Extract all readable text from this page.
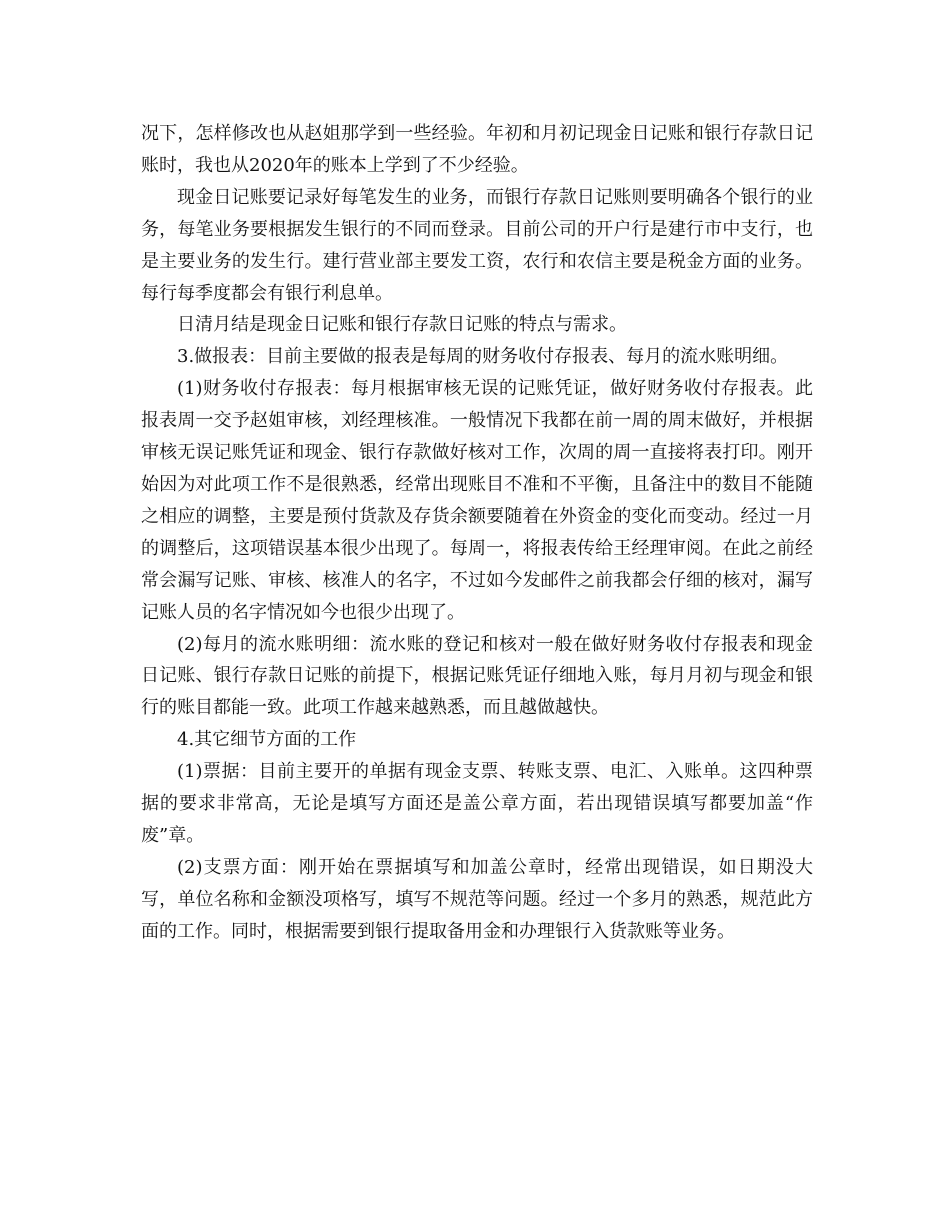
况下，怎样修改也从赵姐那学到一些经验。年初和月初记现金日记账和银行存款日记账时，我也从2020年的账本上学到了不少经验。

现金日记账要记录好每笔发生的业务，而银行存款日记账则要明确各个银行的业务，每笔业务要根据发生银行的不同而登录。目前公司的开户行是建行市中支行，也是主要业务的发生行。建行营业部主要发工资，农行和农信主要是税金方面的业务。每行每季度都会有银行利息单。

日清月结是现金日记账和银行存款日记账的特点与需求。

3.做报表：目前主要做的报表是每周的财务收付存报表、每月的流水账明细。

(1)财务收付存报表：每月根据审核无误的记账凭证，做好财务收付存报表。此报表周一交予赵姐审核，刘经理核准。一般情况下我都在前一周的周末做好，并根据审核无误记账凭证和现金、银行存款做好核对工作，次周的周一直接将表打印。刚开始因为对此项工作不是很熟悉，经常出现账目不准和不平衡，且备注中的数目不能随之相应的调整，主要是预付货款及存货余额要随着在外资金的变化而变动。经过一月的调整后，这项错误基本很少出现了。每周一，将报表传给王经理审阅。在此之前经常会漏写记账、审核、核准人的名字，不过如今发邮件之前我都会仔细的核对，漏写记账人员的名字情况如今也很少出现了。

(2)每月的流水账明细：流水账的登记和核对一般在做好财务收付存报表和现金日记账、银行存款日记账的前提下，根据记账凭证仔细地入账，每月月初与现金和银行的账目都能一致。此项工作越来越熟悉，而且越做越快。

4.其它细节方面的工作

(1)票据：目前主要开的单据有现金支票、转账支票、电汇、入账单。这四种票据的要求非常高，无论是填写方面还是盖公章方面，若出现错误填写都要加盖“作废”章。

(2)支票方面：刚开始在票据填写和加盖公章时，经常出现错误，如日期没大写，单位名称和金额没项格写，填写不规范等问题。经过一个多月的熟悉，规范此方面的工作。同时，根据需要到银行提取备用金和办理银行入货款账等业务。
